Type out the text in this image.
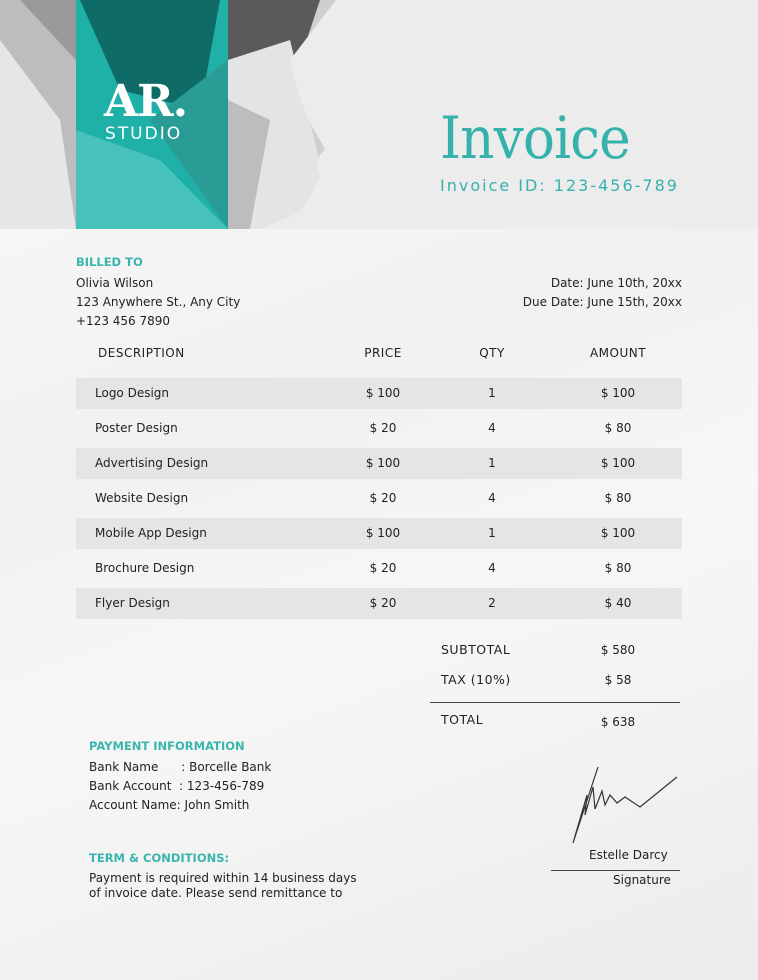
AR.
STUDIO	Invoice
Invoice ID: 123-456-789
BILLED TO
Olivia Wilson
123 Anywhere St., Any City
+123 456 7890
Date: June 10th, 20xx
Due Date: June 15th, 20xx
DESCRIPTION	PRICE	QTY	AMOUNT
Logo Design	$ 100	1	$ 100
Poster Design	$ 20	4	$ 80
Advertising Design	$ 100	1	$ 100
Website Design	$ 20	4	$ 80
Mobile App Design	$ 100	1	$ 100
Brochure Design	$ 20	4	$ 80
Flyer Design	$ 20	2	$ 40
SUBTOTAL	$ 580
TAX (10%)	$ 58
TOTAL	$ 638
PAYMENT INFORMATION
Bank Name      : Borcelle Bank
Bank Account  : 123-456-789
Account Name: John Smith
TERM & CONDITIONS:
Payment is required within 14 business days
of invoice date. Please send remittance to
Estelle Darcy
Signature
